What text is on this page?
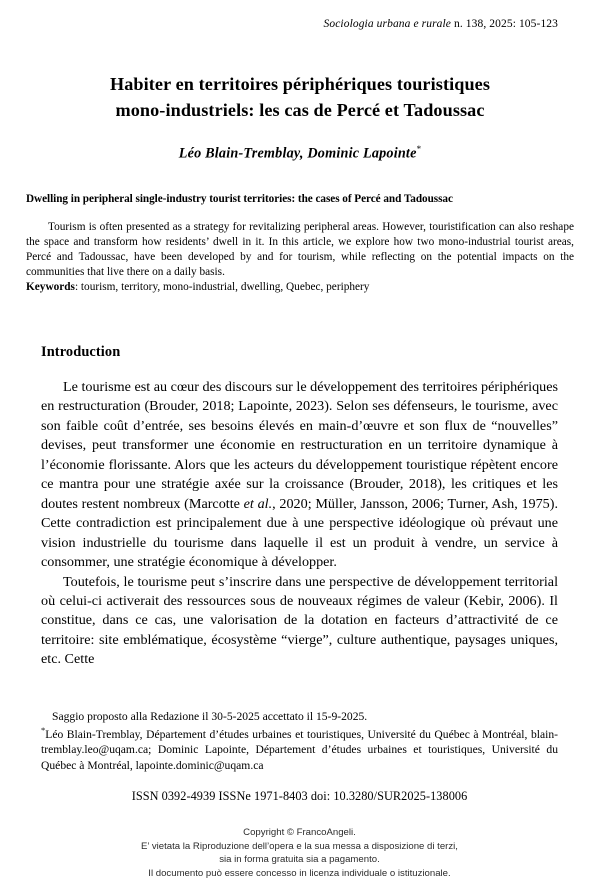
Sociologia urbana e rurale n. 138, 2025: 105-123
Habiter en territoires périphériques touristiques
mono-industriels: les cas de Percé et Tadoussac
Léo Blain-Tremblay, Dominic Lapointe*
Dwelling in peripheral single-industry tourist territories: the cases of Percé and Tadoussac

Tourism is often presented as a strategy for revitalizing peripheral areas. However, touristification can also reshape the space and transform how residents’ dwell in it. In this article, we explore how two mono-industrial tourist areas, Percé and Tadoussac, have been developed by and for tourism, while reflecting on the potential impacts on the communities that live there on a daily basis.

Keywords: tourism, territory, mono-industrial, dwelling, Quebec, periphery

Introduction

Le tourisme est au cœur des discours sur le développement des territoires périphériques en restructuration (Brouder, 2018; Lapointe, 2023). Selon ses défenseurs, le tourisme, avec son faible coût d’entrée, ses besoins élevés en main-d’œuvre et son flux de “nouvelles” devises, peut transformer une économie en restructuration en un territoire dynamique à l’économie florissante. Alors que les acteurs du développement touristique répètent encore ce mantra pour une stratégie axée sur la croissance (Brouder, 2018), les critiques et les doutes restent nombreux (Marcotte et al., 2020; Müller, Jansson, 2006; Turner, Ash, 1975). Cette contradiction est principalement due à une perspective idéologique où prévaut une vision industrielle du tourisme dans laquelle il est un produit à vendre, un service à consommer, une stratégie économique à développer.

Toutefois, le tourisme peut s’inscrire dans une perspective de développement territorial où celui-ci activerait des ressources sous de nouveaux régimes de valeur (Kebir, 2006). Il constitue, dans ce cas, une valorisation de la dotation en facteurs d’attractivité de ce territoire: site emblématique, écosystème “vierge”, culture authentique, paysages uniques, etc. Cette

Saggio proposto alla Redazione il 30-5-2025 accettato il 15-9-2025.

*Léo Blain-Tremblay, Département d’études urbaines et touristiques, Université du Québec à Montréal, blain-tremblay.leo@uqam.ca; Dominic Lapointe, Département d’études urbaines et touristiques, Université du Québec à Montréal, lapointe.dominic@uqam.ca

ISSN 0392-4939 ISSNe 1971-8403 doi: 10.3280/SUR2025-138006
Copyright © FrancoAngeli.
E’ vietata la Riproduzione dell’opera e la sua messa a disposizione di terzi,
sia in forma gratuita sia a pagamento.
Il documento può essere concesso in licenza individuale o istituzionale.
